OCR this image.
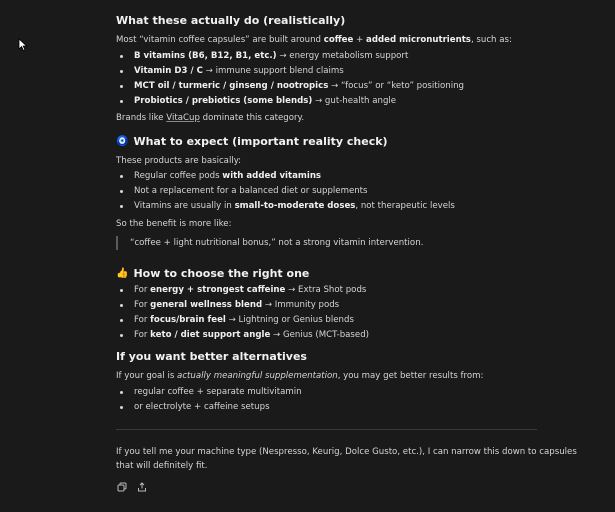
What these actually do (realistically)

Most “vitamin coffee capsules” are built around coffee + added micronutrients, such as:

B vitamins (B6, B12, B1, etc.) → energy metabolism support
Vitamin D3 / C → immune support blend claims
MCT oil / turmeric / ginseng / nootropics → “focus” or “keto” positioning
Probiotics / prebiotics (some blends) → gut-health angle

Brands like VitaCup dominate this category.

🧿 What to expect (important reality check)

These products are basically:

Regular coffee pods with added vitamins
Not a replacement for a balanced diet or supplements
Vitamins are usually in small-to-moderate doses, not therapeutic levels

So the benefit is more like:

“coffee + light nutritional bonus,” not a strong vitamin intervention.
👍 How to choose the right one
For energy + strongest caffeine → Extra Shot pods
For general wellness blend → Immunity pods
For focus/brain feel → Lightning or Genius blends
For keto / diet support angle → Genius (MCT-based)
If you want better alternatives

If your goal is actually meaningful supplementation, you may get better results from:

regular coffee + separate multivitamin
or electrolyte + caffeine setups

If you tell me your machine type (Nespresso, Keurig, Dolce Gusto, etc.), I can narrow this down to capsules

that will definitely fit.
